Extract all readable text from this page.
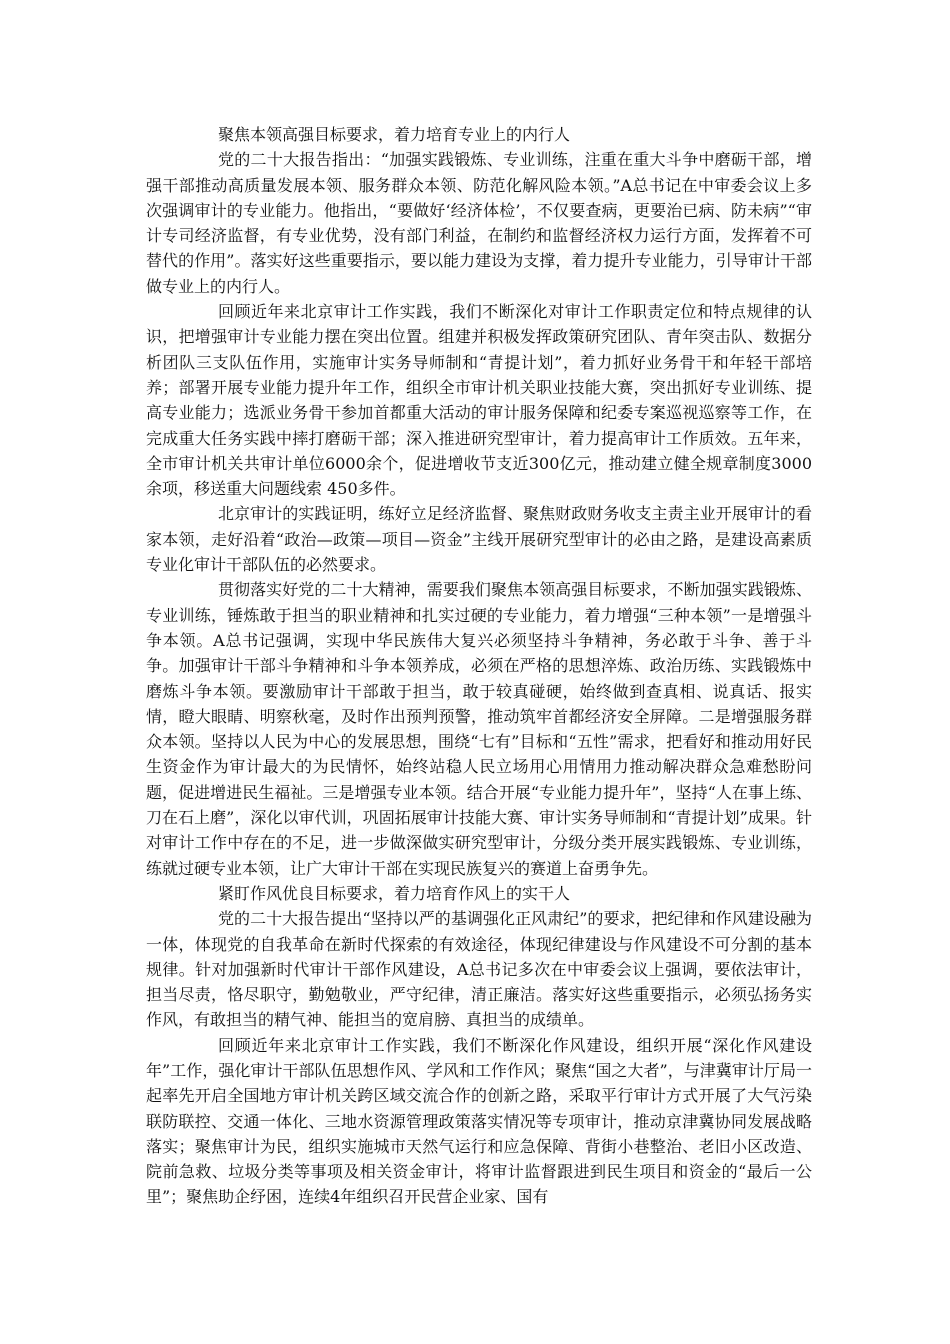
聚焦本领高强目标要求，着力培育专业上的内行人

党的二十大报告指出：“加强实践锻炼、专业训练，注重在重大斗争中磨砺干部，增强干部推动高质量发展本领、服务群众本领、防范化解风险本领。”A总书记在中审委会议上多次强调审计的专业能力。他指出，“要做好‘经济体检’，不仅要查病，更要治已病、防未病”“审计专司经济监督，有专业优势，没有部门利益，在制约和监督经济权力运行方面，发挥着不可替代的作用”。落实好这些重要指示，要以能力建设为支撑，着力提升专业能力，引导审计干部做专业上的内行人。

回顾近年来北京审计工作实践，我们不断深化对审计工作职责定位和特点规律的认识，把增强审计专业能力摆在突出位置。组建并积极发挥政策研究团队、青年突击队、数据分析团队三支队伍作用，实施审计实务导师制和“青提计划”，着力抓好业务骨干和年轻干部培养；部署开展专业能力提升年工作，组织全市审计机关职业技能大赛，突出抓好专业训练、提高专业能力；选派业务骨干参加首都重大活动的审计服务保障和纪委专案巡视巡察等工作，在完成重大任务实践中摔打磨砺干部；深入推进研究型审计，着力提高审计工作质效。五年来，全市审计机关共审计单位6000余个，促进增收节支近300亿元，推动建立健全规章制度3000余项，移送重大问题线索 450多件。

北京审计的实践证明，练好立足经济监督、聚焦财政财务收支主责主业开展审计的看家本领，走好沿着“政治—政策—项目—资金”主线开展研究型审计的必由之路，是建设高素质专业化审计干部队伍的必然要求。

贯彻落实好党的二十大精神，需要我们聚焦本领高强目标要求，不断加强实践锻炼、专业训练，锤炼敢于担当的职业精神和扎实过硬的专业能力，着力增强“三种本领”一是增强斗争本领。A总书记强调，实现中华民族伟大复兴必须坚持斗争精神，务必敢于斗争、善于斗争。加强审计干部斗争精神和斗争本领养成，必须在严格的思想淬炼、政治历练、实践锻炼中磨炼斗争本领。要激励审计干部敢于担当，敢于较真碰硬，始终做到查真相、说真话、报实情，瞪大眼睛、明察秋毫，及时作出预判预警，推动筑牢首都经济安全屏障。二是增强服务群众本领。坚持以人民为中心的发展思想，围绕“七有”目标和“五性”需求，把看好和推动用好民生资金作为审计最大的为民情怀，始终站稳人民立场用心用情用力推动解决群众急难愁盼问题，促进增进民生福祉。三是增强专业本领。结合开展“专业能力提升年”，坚持“人在事上练、刀在石上磨”，深化以审代训，巩固拓展审计技能大赛、审计实务导师制和“青提计划”成果。针对审计工作中存在的不足，进一步做深做实研究型审计，分级分类开展实践锻炼、专业训练，练就过硬专业本领，让广大审计干部在实现民族复兴的赛道上奋勇争先。

紧盯作风优良目标要求，着力培育作风上的实干人

党的二十大报告提出“坚持以严的基调强化正风肃纪”的要求，把纪律和作风建设融为一体，体现党的自我革命在新时代探索的有效途径，体现纪律建设与作风建设不可分割的基本规律。针对加强新时代审计干部作风建设，A总书记多次在中审委会议上强调，要依法审计，担当尽责，恪尽职守，勤勉敬业，严守纪律，清正廉洁。落实好这些重要指示，必须弘扬务实作风，有敢担当的精气神、能担当的宽肩膀、真担当的成绩单。

回顾近年来北京审计工作实践，我们不断深化作风建设，组织开展“深化作风建设年”工作，强化审计干部队伍思想作风、学风和工作作风；聚焦“国之大者”，与津冀审计厅局一起率先开启全国地方审计机关跨区域交流合作的创新之路，采取平行审计方式开展了大气污染联防联控、交通一体化、三地水资源管理政策落实情况等专项审计，推动京津冀协同发展战略落实；聚焦审计为民，组织实施城市天然气运行和应急保障、背街小巷整治、老旧小区改造、院前急救、垃圾分类等事项及相关资金审计，将审计监督跟进到民生项目和资金的“最后一公里”；聚焦助企纾困，连续4年组织召开民营企业家、国有
